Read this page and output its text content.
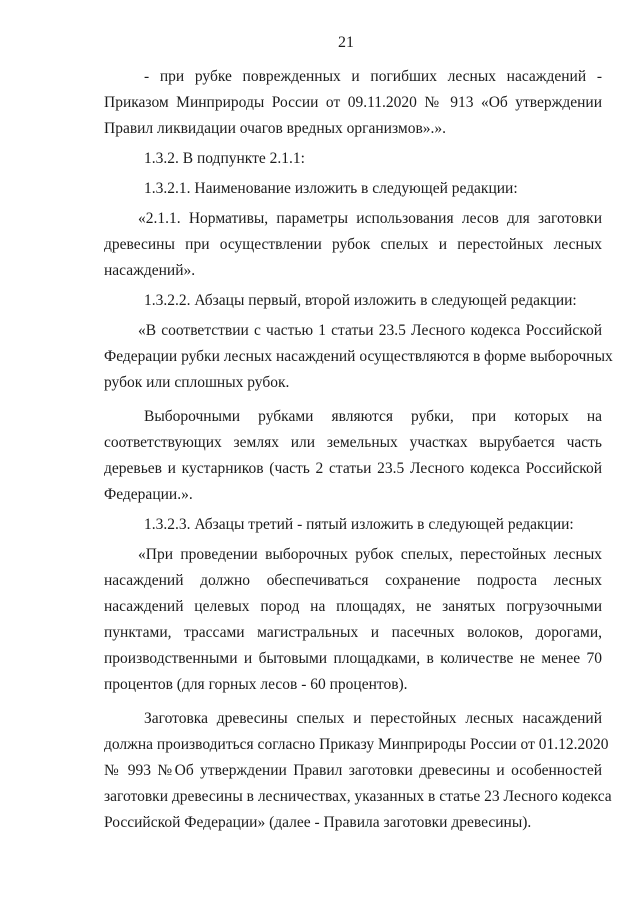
21
- при рубке поврежденных и погибших лесных насаждений -
Приказом Минприроды России от 09.11.2020 № 913 «Об утверждении
Правил ликвидации очагов вредных организмов».».
1.3.2. В подпункте 2.1.1:
1.3.2.1. Наименование изложить в следующей редакции:
«2.1.1. Нормативы, параметры использования лесов для заготовки
древесины при осуществлении рубок спелых и перестойных лесных
насаждений».
1.3.2.2. Абзацы первый, второй изложить в следующей редакции:
«В соответствии с частью 1 статьи 23.5 Лесного кодекса Российской
Федерации рубки лесных насаждений осуществляются в форме выборочных
рубок или сплошных рубок.
Выборочными рубками являются рубки, при которых на
соответствующих землях или земельных участках вырубается часть
деревьев и кустарников (часть 2 статьи 23.5 Лесного кодекса Российской
Федерации.».
1.3.2.3. Абзацы третий - пятый изложить в следующей редакции:
«При проведении выборочных рубок спелых, перестойных лесных
насаждений должно обеспечиваться сохранение подроста лесных
насаждений целевых пород на площадях, не занятых погрузочными
пунктами, трассами магистральных и пасечных волоков, дорогами,
производственными и бытовыми площадками, в количестве не менее 70
процентов (для горных лесов - 60 процентов).
Заготовка древесины спелых и перестойных лесных насаждений
должна производиться согласно Приказу Минприроды России от 01.12.2020
№ 993 №Об утверждении Правил заготовки древесины и особенностей
заготовки древесины в лесничествах, указанных в статье 23 Лесного кодекса
Российской Федерации» (далее - Правила заготовки древесины).
